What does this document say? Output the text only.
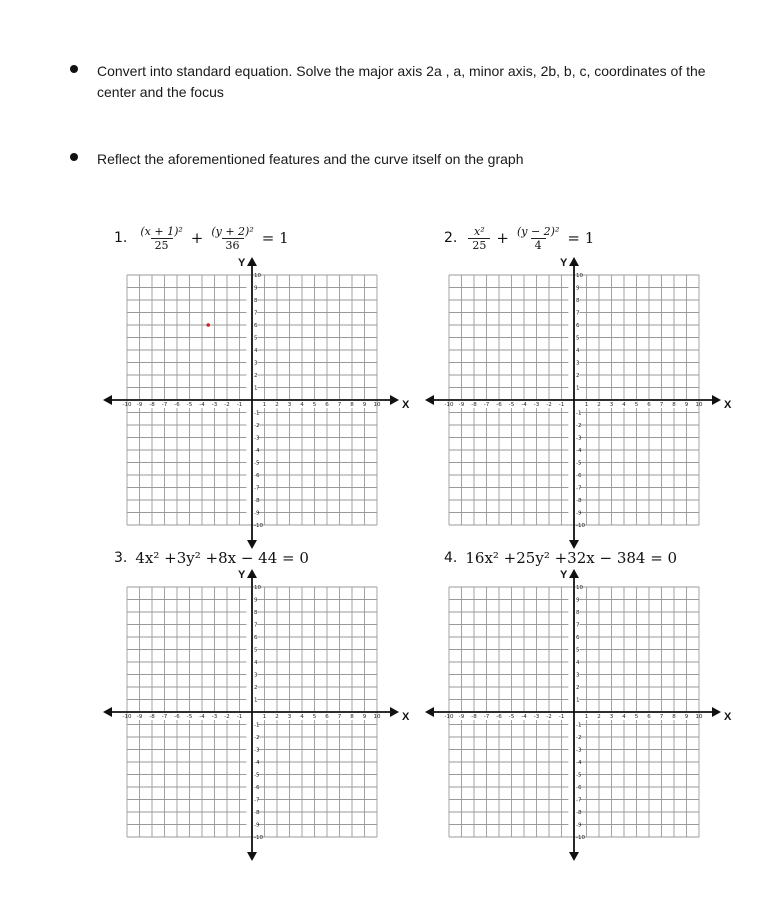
Convert into standard equation. Solve the major axis 2a , a, minor axis, 2b, b, c, coordinates of the center and the focus
Reflect the aforementioned features and the curve itself on the graph
1. $\frac{\text{(x + 1)²}}{25} + \frac{\text{(y + 2)²}}{36} = 1$	2. $\frac{\text{x²}}{25} + \frac{\text{(y − 2)²}}{4} = 1$
3. 4x² +3y² +8x − 44 = 0	4. 16x² +25y² +32x − 384 = 0
X
Y
-10 -9 -8 -7 -6 -5 -4 -3 -2 -1	1 2 3 4 5 6 7 8 9 10
10
9
8
7
6
5
4
3
2
1
-1
-2
-3
-4
-5
-6
-7
-8
-9
-10
X
Y
-10 -9 -8 -7 -6 -5 -4 -3 -2 -1	1 2 3 4 5 6 7 8 9 10
10
9
8
7
6
5
4
3
2
1
-1
-2
-3
-4
-5
-6
-7
-8
-9
-10
X
Y
-10 -9 -8 -7 -6 -5 -4 -3 -2 -1	1 2 3 4 5 6 7 8 9 10
10
9
8
7
6
5
4
3
2
1
-1
-2
-3
-4
-5
-6
-7
-8
-9
-10
X
Y
-10 -9 -8 -7 -6 -5 -4 -3 -2 -1	1 2 3 4 5 6 7 8 9 10
10
9
8
7
6
5
4
3
2
1
-1
-2
-3
-4
-5
-6
-7
-8
-9
-10
